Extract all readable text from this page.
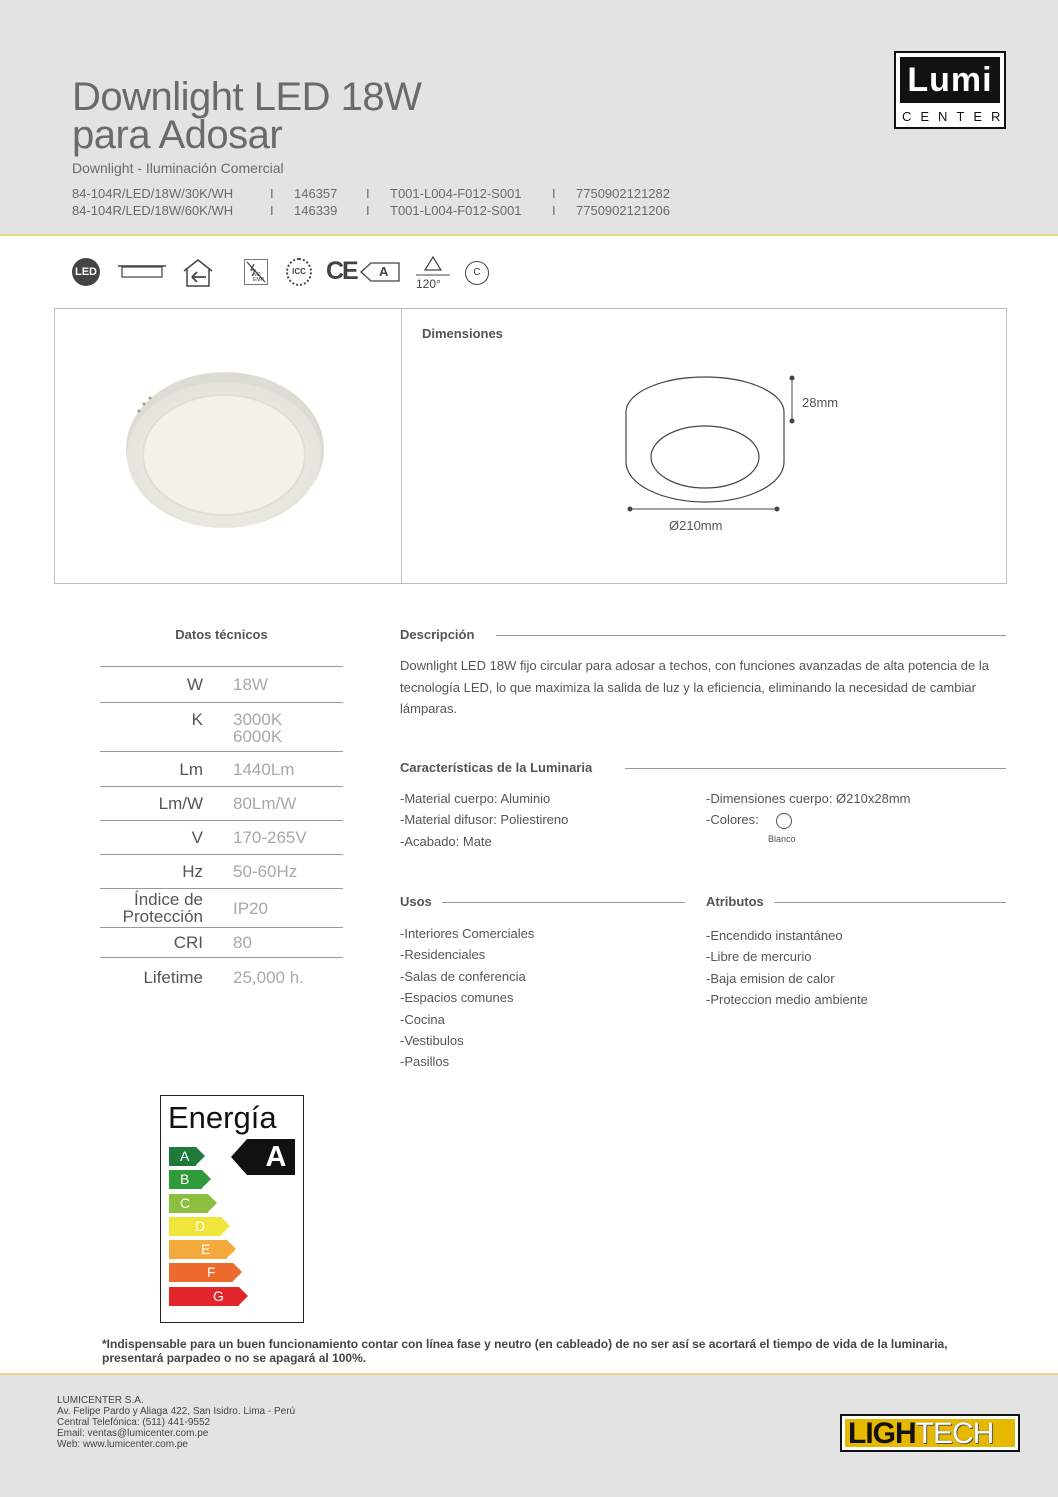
Downlight LED 18W
para Adosar
Downlight - Iluminación Comercial
84-104R/LED/18W/30K/WH	I	146357	I	T001-L004-F012-S001	I	7750902121282
84-104R/LED/18W/60K/WH	I	146339	I	T001-L004-F012-S001	I	7750902121206
Lumi
CENTER
LED	NO EMR
ICC CE A
120°
C
Dimensiones
28mm
Ø210mm
Datos técnicos
W	18W
K 3000K
6000K
Lm	1440Lm
Lm/W	80Lm/W
V	170-265V
Hz	50-60Hz
Índice de
Protección	IP20
CRI	80
Lifetime	25,000 h.
Descripción
Downlight LED 18W fijo circular para adosar a techos, con funciones avanzadas de alta potencia de la tecnología LED, lo que maximiza la salida de luz y la eficiencia, eliminando la necesidad de cambiar lámparas.
Características de la Luminaria
-Material cuerpo: Aluminio
-Material difusor: Poliestireno
-Acabado: Mate
-Dimensiones cuerpo: Ø210x28mm
-Colores:
Blanco
Usos
-Interiores Comerciales
-Residenciales
-Salas de conferencia
-Espacios comunes
-Cocina
-Vestibulos
-Pasillos
Atributos
-Encendido instantáneo
-Libre de mercurio
-Baja emision de calor
-Proteccion medio ambiente
Energía
A
B
C
D
E
F
G
A
*Indispensable para un buen funcionamiento contar con línea fase y neutro (en cableado) de no ser así se acortará el tiempo de vida de la luminaria, presentará parpadeo o no se apagará al 100%.
LUMICENTER S.A.
Av. Felipe Pardo y Aliaga 422, San Isidro. Lima - Perú
Central Telefónica: (511) 441-9552
Email: ventas@lumicenter.com.pe
Web: www.lumicenter.com.pe	LIGHTECH
